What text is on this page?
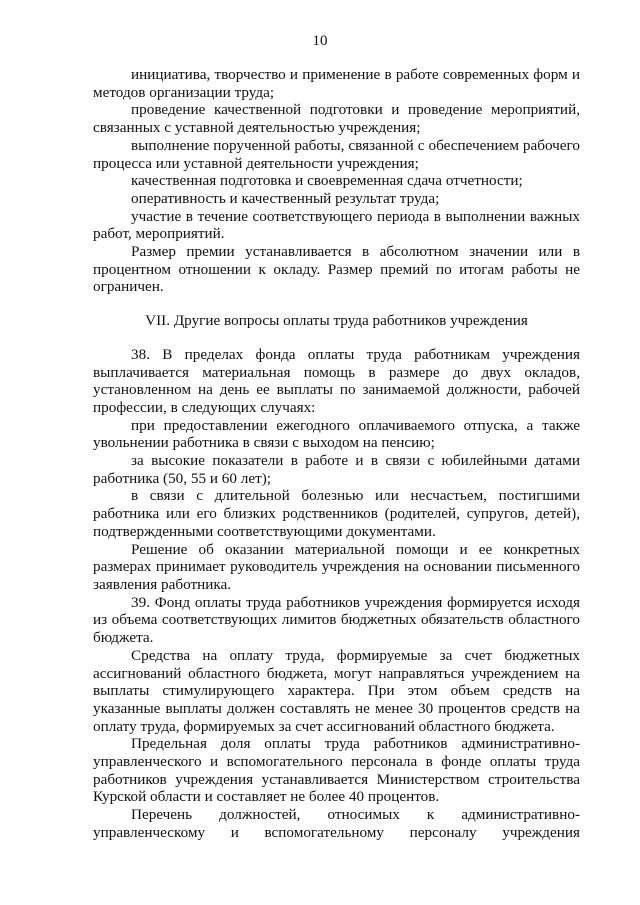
10

инициатива, творчество и применение в работе современных форм и методов организации труда;

проведение качественной подготовки и проведение мероприятий, связанных с уставной деятельностью учреждения;

выполнение порученной работы, связанной с обеспечением рабочего процесса или уставной деятельности учреждения;

качественная подготовка и своевременная сдача отчетности;

оперативность и качественный результат труда;

участие в течение соответствующего периода в выполнении важных работ, мероприятий.

Размер премии устанавливается в абсолютном значении или в процентном отношении к окладу. Размер премий по итогам работы не ограничен.

VII. Другие вопросы оплаты труда работников учреждения

38. В пределах фонда оплаты труда работникам учреждения выплачивается материальная помощь в размере до двух окладов, установленном на день ее выплаты по занимаемой должности, рабочей профессии, в следующих случаях:

при предоставлении ежегодного оплачиваемого отпуска, а также увольнении работника в связи с выходом на пенсию;

за высокие показатели в работе и в связи с юбилейными датами работника (50, 55 и 60 лет);

в связи с длительной болезнью или несчастьем, постигшими работника или его близких родственников (родителей, супругов, детей), подтвержденными соответствующими документами.

Решение об оказании материальной помощи и ее конкретных размерах принимает руководитель учреждения на основании письменного заявления работника.

39. Фонд оплаты труда работников учреждения формируется исходя из объема соответствующих лимитов бюджетных обязательств областного бюджета.

Средства на оплату труда, формируемые за счет бюджетных ассигнований областного бюджета, могут направляться учреждением на выплаты стимулирующего характера. При этом объем средств на указанные выплаты должен составлять не менее 30 процентов средств на оплату труда, формируемых за счет ассигнований областного бюджета.

Предельная доля оплаты труда работников административно-управленческого и вспомогательного персонала в фонде оплаты труда работников учреждения устанавливается Министерством строительства Курской области и составляет не более 40 процентов.

Перечень должностей, относимых к административно-управленческому и вспомогательному персоналу учреждения
